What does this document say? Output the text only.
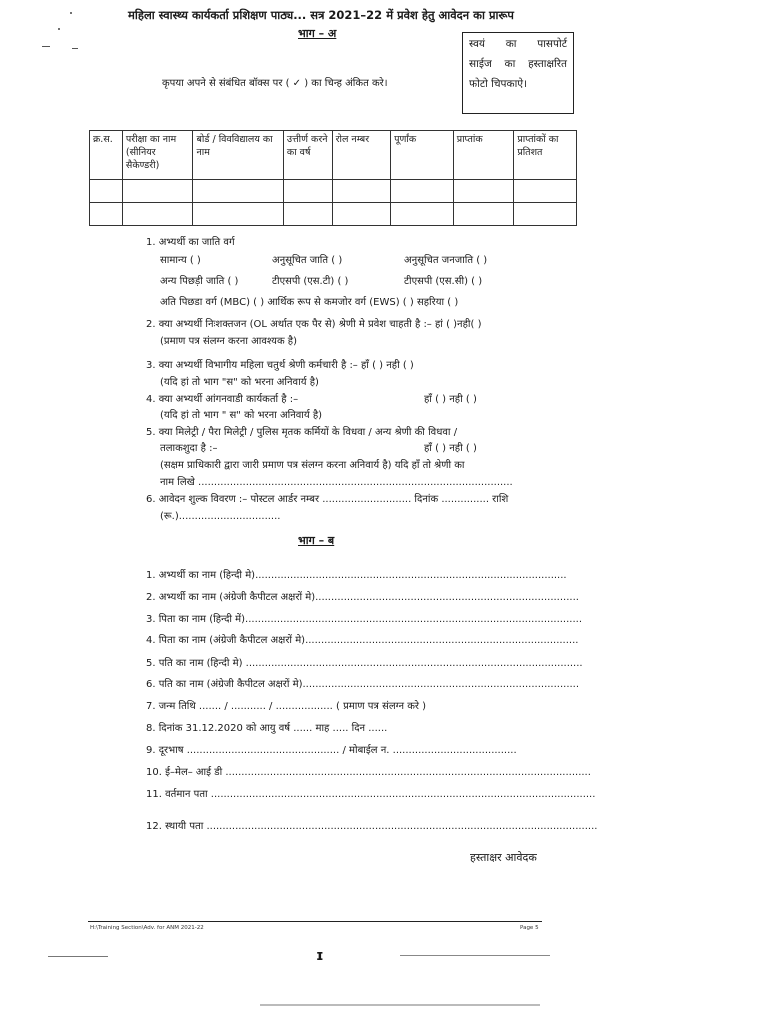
महिला स्वास्थ्य कार्यकर्ता प्रशिक्षण पाठ्य... सत्र 2021–22 में प्रवेश हेतु आवेदन का प्रारूप
भाग – अ
कृपया अपने से संबंधित बॉक्स पर ( ✓ ) का चिन्ह अंकित करे।
स्वयं का पासपोर्ट
साईज का हस्ताक्षरित
फोटो चिपकाऐ।
क्र.स.	परीक्षा का नाम (सीनियर सैकेण्डरी)	बोर्ड / विवविद्यालय का नाम	उत्तीर्ण करने का वर्ष	रोल नम्बर	पूर्णांक	प्राप्तांक	प्राप्तांकों का प्रतिशत

1. अभ्यर्थी का जाति वर्ग
सामान्य ( )	अनुसूचित जाति ( )	अनुसूचित जनजाति ( )
अन्य पिछड़ी जाति ( )	टीएसपी (एस.टी) ( )	टीएसपी (एस.सी) ( )
अति पिछडा वर्ग (MBC) ( ) आर्थिक रूप से कमजोर वर्ग (EWS) ( ) सहरिया ( )
2. क्या अभ्यर्थी निःशक्तजन (OL अर्थात एक पैर से) श्रेणी मे प्रवेश चाहती है :– हां ( )नही( )
(प्रमाण पत्र संलग्न करना आवश्यक है)
3. क्या अभ्यर्थी विभागीय महिला चतुर्थ श्रेणी कर्मचारी है :– हाँ ( ) नही ( )
(यदि हां तो भाग "स" को भरना अनिवार्य है)
4. क्या अभ्यर्थी आंगनवाडी कार्यकर्ता है :–	हाँ ( ) नही ( )
(यदि हां तो भाग " स" को भरना अनिवार्य है)
5. क्या मिलेट्री / पैरा मिलेट्री / पुलिस मृतक कर्मियों के विधवा / अन्य श्रेणी की विधवा /
तलाकशुदा है :–	हाँ ( ) नही ( )
(सक्षम प्राधिकारी द्वारा जारी प्रमाण पत्र संलग्न करना अनिवार्य है) यदि हाँ तो श्रेणी का
नाम लिखे ...................................................................................................
6. आवेदन शुल्क विवरण :– पोस्टल आर्डर नम्बर ............................ दिनांक ............... राशि
(रू.)................................
भाग – ब
1. अभ्यर्थी का नाम (हिन्दी मे)..................................................................................................
2. अभ्यर्थी का नाम (अंग्रेजी कैपीटल अक्षरों मे)...................................................................................
3. पिता का नाम (हिन्दी में)..........................................................................................................
4. पिता का नाम (अंग्रेजी कैपीटल अक्षरों मे)......................................................................................
5. पति का नाम (हिन्दी मे) ..........................................................................................................
6. पति का नाम (अंग्रेजी कैपीटल अक्षरों मे).......................................................................................
7. जन्म तिथि ....... / ........... / .................. ( प्रमाण पत्र संलग्न करे )
8. दिनांक 31.12.2020 को आयु वर्ष ...... माह ..... दिन ......
9. दूरभाष ................................................ / मोबाईल न. .......................................
10. ई–मेल– आई डी ...................................................................................................................
11. वर्तमान पता .........................................................................................................................
12. स्थायी पता ...........................................................................................................................
हस्ताक्षर आवेदक
H:\Training Section\Adv. for ANM 2021-22	Page 5
ɪ
